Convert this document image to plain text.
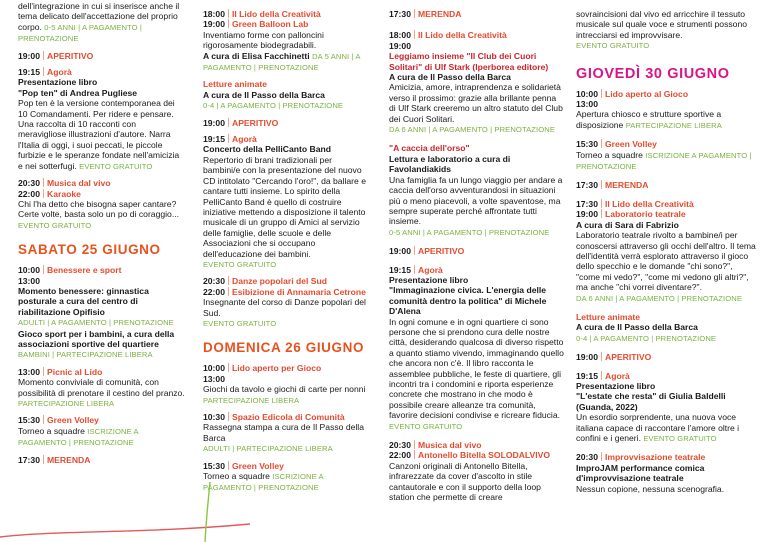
dell'integrazione in cui si inserisce anche il tema delicato dell'accettazione del proprio corpo. 0-5 ANNI | A PAGAMENTO | PRENOTAZIONE
19:00 APERITIVO
19:15 Agorà
Presentazione libro
"Pop ten" di Andrea Pugliese
Pop ten è la versione contemporanea dei 10 Comandamenti. Per ridere e pensare. Una raccolta di 10 racconti con meravigliose illustrazioni d'autore. Narra l'Italia di oggi, i suoi peccati, le piccole furbizie e le speranze fondate nell'amicizia e nei sotterfugi. EVENTO GRATUITO
20:30 Musica dal vivo
22:00 Karaoke
Chi l'ha detto che bisogna saper cantare? Certe volte, basta solo un po di coraggio...
EVENTO GRATUITO
SABATO 25 GIUGNO
10:00 Benessere e sport
13:00
Momento benessere: ginnastica posturale a cura del centro di riabilitazione Opifisio
ADULTI | A PAGAMENTO | PRENOTAZIONE
Gioco sport per i bambini, a cura della associazioni sportive del quartiere
BAMBINI | PARTECIPAZIONE LIBERA
13:00 Picnic al Lido
Momento conviviale di comunità, con possibilità di prenotare il cestino del pranzo. PARTECIPAZIONE LIBERA
15:30 Green Volley
Torneo a squadre ISCRIZIONE A PAGAMENTO | PRENOTAZIONE
17:30 MERENDA
18:00 Il Lido della Creatività
19:00 Green Balloon Lab
Inventiamo forme con palloncini rigorosamente biodegradabili.
A cura di Elisa Facchinetti DA 5 ANNI | A PAGAMENTO | PRENOTAZIONE
Letture animate
A cura de Il Passo della Barca
0-4 | A PAGAMENTO | PRENOTAZIONE
19:00 APERITIVO
19:15 Agorà
Concerto della PelliCanto Band
Repertorio di brani tradizionali per bambini/e con la presentazione del nuovo CD intitolato "Cercando l'oro!", da ballare e cantare tutti insieme. Lo spirito della PelliCanto Band è quello di costruire iniziative mettendo a disposizione il talento musicale di un gruppo di Amici al servizio delle famiglie, delle scuole e delle Associazioni che si occupano dell'educazione dei bambini.
EVENTO GRATUITO
20:30 Danze popolari del Sud
22:00 Esibizione di Annamaria Cetrone
Insegnante del corso di Danze popolari del Sud.
EVENTO GRATUITO
DOMENICA 26 GIUGNO
10:00 Lido aperto per Gioco
13:00
Giochi da tavolo e giochi di carte per nonni
PARTECIPAZIONE LIBERA
10:30 Spazio Edicola di Comunità
Rassegna stampa a cura de Il Passo della Barca
ADULTI | PARTECIPAZIONE LIBERA
15:30 Green Volley
Torneo a squadre ISCRIZIONE A PAGAMENTO | PRENOTAZIONE
17:30 MERENDA
18:00 Il Lido della Creatività
19:00
Leggiamo insieme "Il Club dei Cuori Solitari" di Ulf Stark (Iperborea editore)
A cura de Il Passo della Barca
Amicizia, amore, intraprendenza e solidarietà verso il prossimo: grazie alla brillante penna di Ulf Stark creeremo un altro statuto del Club dei Cuori Solitari.
DA 6 ANNI | A PAGAMENTO | PRENOTAZIONE
"A caccia dell'orso"
Lettura e laboratorio a cura di Favolandiakids
Una famiglia fa un lungo viaggio per andare a caccia dell'orso avventurandosi in situazioni più o meno piacevoli, a volte spaventose, ma sempre superate perché affrontate tutti insieme.
0-5 ANNI | A PAGAMENTO | PRENOTAZIONE
19:00 APERITIVO
19:15 Agorà
Presentazione libro
"Immaginazione civica. L'energia delle comunità dentro la politica" di Michele D'Alena
In ogni comune e in ogni quartiere ci sono persone che si prendono cura delle nostre città, desiderando qualcosa di diverso rispetto a quanto stiamo vivendo, immaginando quello che ancora non c'è. Il libro racconta le assemblee pubbliche, le feste di quartiere, gli incontri tra i condomini e riporta esperienze concrete che mostrano in che modo è possibile creare alleanze tra comunità, favorire decisioni condivise e ricreare fiducia. EVENTO GRATUITO
20:30 Musica dal vivo
22:00 Antonello Bitella SOLODALVIVO
Canzoni originali di Antonello Bitella, infrarezzate da cover d'ascolto in stile cantautorale e con il supporto della loop station che permette di creare
sovraincisioni dal vivo ed arricchire il tessuto musicale sul quale voce e strumenti possono intrecciarsi ed improvvisare.
EVENTO GRATUITO
GIOVEDÌ 30 GIUGNO
10:00 Lido aperto al Gioco
13:00
Apertura chiosco e strutture sportive a disposizione PARTECIPAZIONE LIBERA
15:30 Green Volley
Torneo a squadre ISCRIZIONE A PAGAMENTO | PRENOTAZIONE
17:30 MERENDA
17:30 Il Lido della Creatività
19:00 Laboratorio teatrale
A cura di Sara di Fabrizio
Laboratorio teatrale rivolto a bambine/i per conoscersi attraverso gli occhi dell'altro. Il tema dell'identità verrà esplorato attraverso il gioco dello specchio e le domande "chi sono?", "come mi vedo?", "come mi vedono gli altri?", ma anche "chi vorrei diventare?".
DA 6 ANNI | A PAGAMENTO | PRENOTAZIONE
Letture animate
A cura de Il Passo della Barca
0-4 | A PAGAMENTO | PRENOTAZIONE
19:00 APERITIVO
19:15 Agorà
Presentazione libro
"L'estate che resta" di Giulia Baldelli (Guanda, 2022)
Un esordio sorprendente, una nuova voce italiana capace di raccontare l'amore oltre i confini e i generi. EVENTO GRATUITO
20:30 Improvvisazione teatrale
ImproJAM performance comica d'improvvisazione teatrale
Nessun copione, nessuna scenografia.
